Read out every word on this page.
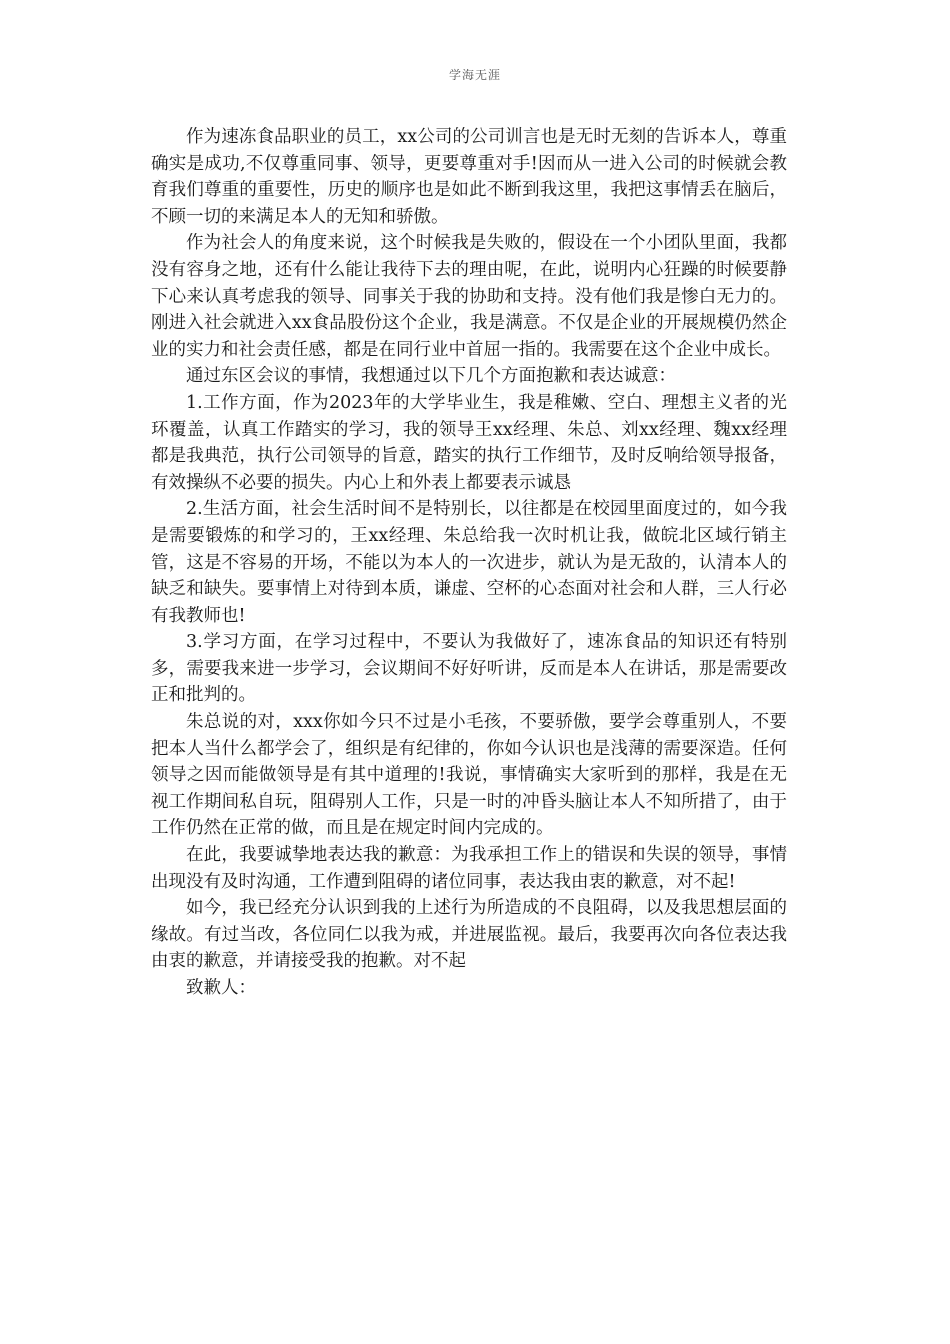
学海无涯

作为速冻食品职业的员工，xx公司的公司训言也是无时无刻的告诉本人，尊重确实是成功,不仅尊重同事、领导，更要尊重对手!因而从一进入公司的时候就会教育我们尊重的重要性，历史的顺序也是如此不断到我这里，我把这事情丢在脑后，不顾一切的来满足本人的无知和骄傲。

作为社会人的角度来说，这个时候我是失败的，假设在一个小团队里面，我都没有容身之地，还有什么能让我待下去的理由呢，在此，说明内心狂躁的时候要静下心来认真考虑我的领导、同事关于我的协助和支持。没有他们我是惨白无力的。刚进入社会就进入xx食品股份这个企业，我是满意。不仅是企业的开展规模仍然企业的实力和社会责任感，都是在同行业中首屈一指的。我需要在这个企业中成长。

通过东区会议的事情，我想通过以下几个方面抱歉和表达诚意：

1.工作方面，作为2023年的大学毕业生，我是稚嫩、空白、理想主义者的光环覆盖，认真工作踏实的学习，我的领导王xx经理、朱总、刘xx经理、魏xx经理都是我典范，执行公司领导的旨意，踏实的执行工作细节，及时反响给领导报备，有效操纵不必要的损失。内心上和外表上都要表示诚恳

2.生活方面，社会生活时间不是特别长，以往都是在校园里面度过的，如今我是需要锻炼的和学习的，王xx经理、朱总给我一次时机让我，做皖北区域行销主管，这是不容易的开场，不能以为本人的一次进步，就认为是无敌的，认清本人的缺乏和缺失。要事情上对待到本质，谦虚、空杯的心态面对社会和人群，三人行必有我教师也!

3.学习方面，在学习过程中，不要认为我做好了，速冻食品的知识还有特别多，需要我来进一步学习，会议期间不好好听讲，反而是本人在讲话，那是需要改正和批判的。

朱总说的对，xxx你如今只不过是小毛孩，不要骄傲，要学会尊重别人，不要把本人当什么都学会了，组织是有纪律的，你如今认识也是浅薄的需要深造。任何领导之因而能做领导是有其中道理的!我说，事情确实大家听到的那样，我是在无视工作期间私自玩，阻碍别人工作，只是一时的冲昏头脑让本人不知所措了，由于工作仍然在正常的做，而且是在规定时间内完成的。

在此，我要诚挚地表达我的歉意：为我承担工作上的错误和失误的领导，事情出现没有及时沟通，工作遭到阻碍的诸位同事，表达我由衷的歉意，对不起!

如今，我已经充分认识到我的上述行为所造成的不良阻碍，以及我思想层面的缘故。有过当改，各位同仁以我为戒，并进展监视。最后，我要再次向各位表达我由衷的歉意，并请接受我的抱歉。对不起

致歉人：
